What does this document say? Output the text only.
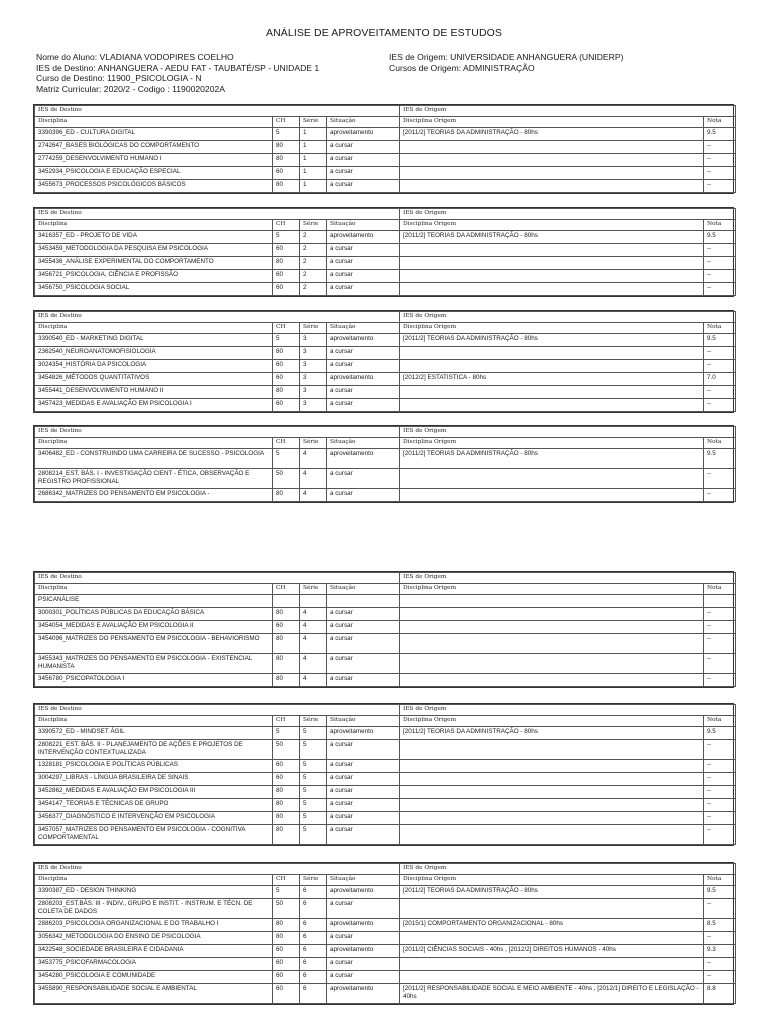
ANÁLISE DE APROVEITAMENTO DE ESTUDOS
Nome do Aluno: VLADIANA VODOPIRES COELHO
IES de Destino: ANHANGUERA - AEDU FAT - TAUBATÉ/SP - UNIDADE 1
Curso de Destino: 11900_PSICOLOGIA - N
Matriz Curricular: 2020/2 - Codigo : 1190020202A
IES de Origem: UNIVERSIDADE ANHANGUERA (UNIDERP)
Cursos de Origem: ADMINISTRAÇÃO
IES de Destino				IES de Origem	
Disciplina	CH	Série	Situação	Disciplina Origem	Nota
3390396_ED - CULTURA DIGITAL	5	1	aproveitamento	[2011/2] TEORIAS DA ADMINISTRAÇÃO - 80hs	9.5
2742647_BASES BIOLÓGICAS DO COMPORTAMENTO	80	1	a cursar		--
2774259_DESENVOLVIMENTO HUMANO I	80	1	a cursar		--
3452934_PSICOLOGIA E EDUCAÇÃO ESPECIAL	60	1	a cursar		--
3455673_PROCESSOS PSICOLÓGICOS BÁSICOS	80	1	a cursar		--
IES de Destino				IES de Origem	
Disciplina	CH	Série	Situação	Disciplina Origem	Nota
3416357_ED - PROJETO DE VIDA	5	2	aproveitamento	[2011/2] TEORIAS DA ADMINISTRAÇÃO - 80hs	9.5
3453459_METODOLOGIA DA PESQUISA EM PSICOLOGIA	60	2	a cursar		--
3455436_ANÁLISE EXPERIMENTAL DO COMPORTAMENTO	80	2	a cursar		--
3456721_PSICOLOGIA, CIÊNCIA E PROFISSÃO	60	2	a cursar		--
3456750_PSICOLOGIA SOCIAL	60	2	a cursar		--
IES de Destino				IES de Origem	
Disciplina	CH	Série	Situação	Disciplina Origem	Nota
3390540_ED - MARKETING DIGITAL	5	3	aproveitamento	[2011/2] TEORIAS DA ADMINISTRAÇÃO - 80hs	9.5
2362540_NEUROANATOMOFISIOLOGIA	80	3	a cursar		--
3024354_HISTÓRIA DA PSICOLOGIA	60	3	a cursar		--
3454826_MÉTODOS QUANTITATIVOS	60	3	aproveitamento	[2012/2] ESTATISTICA - 80hs	7.0
3455441_DESENVOLVIMENTO HUMANO II	80	3	a cursar		--
3457423_MEDIDAS E AVALIAÇÃO EM PSICOLOGIA I	60	3	a cursar		--
IES de Destino				IES de Origem	
Disciplina	CH	Série	Situação	Disciplina Origem	Nota
3406482_ED - CONSTRUINDO UMA CARREIRA DE SUCESSO - PSICOLOGIA	5	4	aproveitamento	[2011/2] TEORIAS DA ADMINISTRAÇÃO - 80hs	9.5
2808214_EST. BÁS. I - INVESTIGAÇÃO CIENT - ÉTICA, OBSERVAÇÃO E REGISTRO PROFISSIONAL	50	4	a cursar		--
2686342_MATRIZES DO PENSAMENTO EM PSICOLOGIA -	80	4	a cursar		--
IES de Destino				IES de Origem	
Disciplina	CH	Série	Situação	Disciplina Origem	Nota
PSICANÁLISE					
3000301_POLÍTICAS PÚBLICAS DA EDUCAÇÃO BÁSICA	80	4	a cursar		--
3454054_MEDIDAS E AVALIAÇÃO EM PSICOLOGIA II	60	4	a cursar		--
3454096_MATRIZES DO PENSAMENTO EM PSICOLOGIA - BEHAVIORISMO	80	4	a cursar		--
3455343_MATRIZES DO PENSAMENTO EM PSICOLOGIA - EXISTENCIAL HUMANISTA	80	4	a cursar		--
3456780_PSICOPATOLOGIA I	80	4	a cursar		--
IES de Destino				IES de Origem	
Disciplina	CH	Série	Situação	Disciplina Origem	Nota
3390572_ED - MINDSET ÁGIL	5	5	aproveitamento	[2011/2] TEORIAS DA ADMINISTRAÇÃO - 80hs	9.5
2808221_EST. BÁS. II - PLANEJAMENTO DE AÇÕES E PROJETOS DE INTERVENÇÃO CONTEXTUALIZADA	50	5	a cursar		--
1328181_PSICOLOGIA E POLÍTICAS PÚBLICAS	60	5	a cursar		--
3004297_LIBRAS - LÍNGUA BRASILEIRA DE SINAIS	60	5	a cursar		--
3452862_MEDIDAS E AVALIAÇÃO EM PSICOLOGIA III	80	5	a cursar		--
3454147_TEORIAS E TÉCNICAS DE GRUPO	80	5	a cursar		--
3456377_DIAGNÓSTICO E INTERVENÇÃO EM PSICOLOGIA	80	5	a cursar		--
3457057_MATRIZES DO PENSAMENTO EM PSICOLOGIA - COGNITIVA COMPORTAMENTAL	80	5	a cursar		--
IES de Destino				IES de Origem	
Disciplina	CH	Série	Situação	Disciplina Origem	Nota
3390387_ED - DESIGN THINKING	5	6	aproveitamento	[2011/2] TEORIAS DA ADMINISTRAÇÃO - 80hs	9.5
2808203_EST.BÁS. III - INDIV., GRUPO E INSTIT. - INSTRUM. E TÉCN. DE COLETA DE DADOS	50	6	a cursar		--
2886203_PSICOLOGIA ORGANIZACIONAL E DO TRABALHO I	80	6	aproveitamento	[2015/1] COMPORTAMENTO ORGANIZACIONAL - 80hs	8.5
3056342_METODOLOGIA DO ENSINO DE PSICOLOGIA	80	6	a cursar		--
3422548_SOCIEDADE BRASILEIRA E CIDADANIA	60	6	aproveitamento	[2011/2] CIÊNCIAS SOCIAIS - 40hs , [2012/2] DIREITOS HUMANOS - 40hs	9.3
3453775_PSICOFARMACOLOGIA	60	6	a cursar		--
3454280_PSICOLOGIA E COMUNIDADE	60	6	a cursar		--
3455890_RESPONSABILIDADE SOCIAL E AMBIENTAL	60	6	aproveitamento	[2011/2] RESPONSABILIDADE SOCIAL E MEIO AMBIENTE - 40hs , [2012/1] DIREITO E LEGISLAÇÃO - 40hs	8.8
